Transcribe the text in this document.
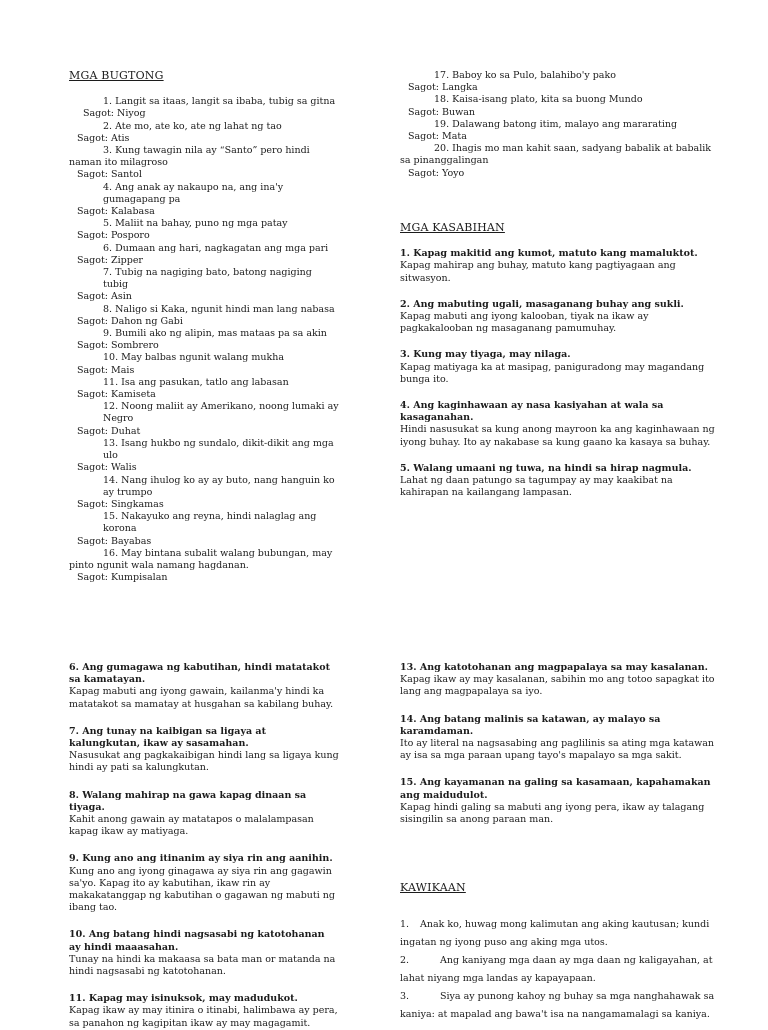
MGA BUGTONG
1. Langit sa itaas, langit sa ibaba, tubig sa gitna
Sagot: Niyog
2. Ate mo, ate ko, ate ng lahat ng tao
Sagot: Atis
3. Kung tawagin nila ay “Santo” pero hindi naman ito milagroso
Sagot: Santol
4. Ang anak ay nakaupo na, ang ina'y gumagapang pa
Sagot: Kalabasa
5. Maliit na bahay, puno ng mga patay
Sagot: Posporo
6. Dumaan ang hari, nagkagatan ang mga pari
Sagot: Zipper
7. Tubig na nagiging bato, batong nagiging tubig
Sagot: Asin
8. Naligo si Kaka, ngunit hindi man lang nabasa
Sagot: Dahon ng Gabi
9. Bumili ako ng alipin, mas mataas pa sa akin
Sagot: Sombrero
10. May balbas ngunit walang mukha
Sagot: Mais
11. Isa ang pasukan, tatlo ang labasan
Sagot: Kamiseta
12. Noong maliit ay Amerikano, noong lumaki ay Negro
Sagot: Duhat
13. Isang hukbo ng sundalo, dikit-dikit ang mga ulo
Sagot: Walis
14. Nang ihulog ko ay ay buto, nang hanguin ko ay trumpo
Sagot: Singkamas
15. Nakayuko ang reyna, hindi nalaglag ang korona
Sagot: Bayabas
16. May bintana subalit walang bubungan, may pinto ngunit wala namang hagdanan.
Sagot: Kumpisalan
17. Baboy ko sa Pulo, balahibo'y pako
Sagot: Langka
18. Kaisa-isang plato, kita sa buong Mundo
Sagot: Buwan
19. Dalawang batong itim, malayo ang mararating
Sagot: Mata
20. Ihagis mo man kahit saan, sadyang babalik at babalik sa pinanggalingan
Sagot: Yoyo
MGA KASABIHAN
1. Kapag makitid ang kumot, matuto kang mamaluktot.
Kapag mahirap ang buhay, matuto kang pagtiyagaan ang sitwasyon.
2. Ang mabuting ugali, masaganang buhay ang sukli.
Kapag mabuti ang iyong kalooban, tiyak na ikaw ay pagkakalooban ng masaganang pamumuhay.
3. Kung may tiyaga, may nilaga.
Kapag matiyaga ka at masipag, paniguradong may magandang bunga ito.
4. Ang kaginhawaan ay nasa kasiyahan at wala sa kasaganahan.
Hindi nasusukat sa kung anong mayroon ka ang kaginhawaan ng iyong buhay. Ito ay nakabase sa kung gaano ka kasaya sa buhay.
5. Walang umaani ng tuwa, na hindi sa hirap nagmula.
Lahat ng daan patungo sa tagumpay ay may kaakibat na kahirapan na kailangang lampasan.
6. Ang gumagawa ng kabutihan, hindi matatakot sa kamatayan.
Kapag mabuti ang iyong gawain, kailanma'y hindi ka matatakot sa mamatay at husgahan sa kabilang buhay.
7. Ang tunay na kaibigan sa ligaya at kalungkutan, ikaw ay sasamahan.
Nasusukat ang pagkakaibigan hindi lang sa ligaya kung hindi ay pati sa kalungkutan.
8. Walang mahirap na gawa kapag dinaan sa tiyaga.
Kahit anong gawain ay matatapos o malalampasan kapag ikaw ay matiyaga.
9. Kung ano ang itinanim ay siya rin ang aanihin.
Kung ano ang iyong ginagawa ay siya rin ang gagawin sa'yo. Kapag ito ay kabutihan, ikaw rin ay makakatanggap ng kabutihan o gagawan ng mabuti ng ibang tao.
10. Ang batang hindi nagsasabi ng katotohanan ay hindi maaasahan.
Tunay na hindi ka makaasa sa bata man or matanda na hindi nagsasabi ng katotohanan.
11. Kapag may isinuksok, may madudukot.
Kapag ikaw ay may itinira o itinabi, halimbawa ay pera, sa panahon ng kagipitan ikaw ay may magagamit.
13. Ang katotohanan ang magpapalaya sa may kasalanan.
Kapag ikaw ay may kasalanan, sabihin mo ang totoo sapagkat ito lang ang magpapalaya sa iyo.
14. Ang batang malinis sa katawan, ay malayo sa karamdaman.
Ito ay literal na nagsasabing ang paglilinis sa ating mga katawan ay isa sa mga paraan upang tayo's mapalayo sa mga sakit.
15. Ang kayamanan na galing sa kasamaan, kapahamakan ang maidudulot.
Kapag hindi galing sa mabuti ang iyong pera, ikaw ay talagang sisingilin sa anong paraan man.
KAWIKAAN
1.	Anak ko, huwag mong kalimutan ang aking kautusan; kundi ingatan ng iyong puso ang aking mga utos.
2.	Ang kaniyang mga daan ay mga daan ng kaligayahan, at lahat niyang mga landas ay kapayapaan.
3.	Siya ay punong kahoy ng buhay sa mga nanghahawak sa kaniya: at mapalad ang bawa't isa na nangamamalagi sa kaniya.
